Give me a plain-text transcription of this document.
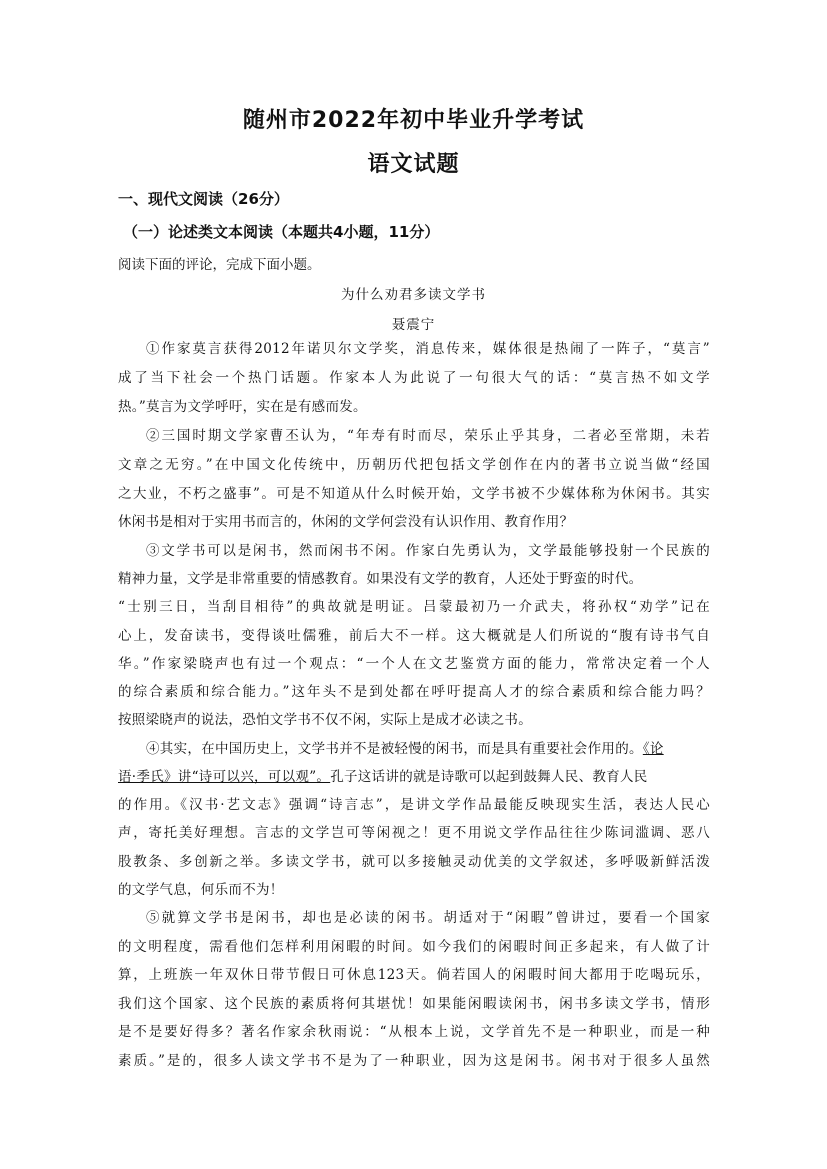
随州市2022年初中毕业升学考试
语文试题
一、现代文阅读（26分）
（一）论述类文本阅读（本题共4小题，11分）
阅读下面的评论，完成下面小题。
为什么劝君多读文学书
聂震宁
①作家莫言获得2012年诺贝尔文学奖，消息传来，媒体很是热闹了一阵子，“莫言”
成了当下社会一个热门话题。作家本人为此说了一句很大气的话：“莫言热不如文学
热。”莫言为文学呼吁，实在是有感而发。
②三国时期文学家曹丕认为，“年寿有时而尽，荣乐止乎其身，二者必至常期，未若
文章之无穷。”在中国文化传统中，历朝历代把包括文学创作在内的著书立说当做“经国
之大业，不朽之盛事”。可是不知道从什么时候开始，文学书被不少媒体称为休闲书。其实
休闲书是相对于实用书而言的，休闲的文学何尝没有认识作用、教育作用？
③文学书可以是闲书，然而闲书不闲。作家白先勇认为，文学最能够投射一个民族的
精神力量，文学是非常重要的情感教育。如果没有文学的教育，人还处于野蛮的时代。
“士别三日，当刮目相待”的典故就是明证。吕蒙最初乃一介武夫，将孙权“劝学”记在
心上，发奋读书，变得谈吐儒雅，前后大不一样。这大概就是人们所说的“腹有诗书气自
华。”作家梁晓声也有过一个观点：“一个人在文艺鉴赏方面的能力，常常决定着一个人
的综合素质和综合能力。”这年头不是到处都在呼吁提高人才的综合素质和综合能力吗？
按照梁晓声的说法，恐怕文学书不仅不闲，实际上是成才必读之书。
④其实，在中国历史上，文学书并不是被轻慢的闲书，而是具有重要社会作用的。《论
语·季氏》讲“诗可以兴，可以观”。孔子这话讲的就是诗歌可以起到鼓舞人民、教育人民
的作用。《汉书·艺文志》强调“诗言志”，是讲文学作品最能反映现实生活，表达人民心
声，寄托美好理想。言志的文学岂可等闲视之！更不用说文学作品往往少陈词滥调、恶八
股教条、多创新之举。多读文学书，就可以多接触灵动优美的文学叙述，多呼吸新鲜活泼
的文学气息，何乐而不为！
⑤就算文学书是闲书，却也是必读的闲书。胡适对于“闲暇”曾讲过，要看一个国家
的文明程度，需看他们怎样利用闲暇的时间。如今我们的闲暇时间正多起来，有人做了计
算，上班族一年双休日带节假日可休息123天。倘若国人的闲暇时间大都用于吃喝玩乐，
我们这个国家、这个民族的素质将何其堪忧！如果能闲暇读闲书，闲书多读文学书，情形
是不是要好得多？著名作家余秋雨说：“从根本上说，文学首先不是一种职业，而是一种
素质。”是的，很多人读文学书不是为了一种职业，因为这是闲书。闲书对于很多人虽然
